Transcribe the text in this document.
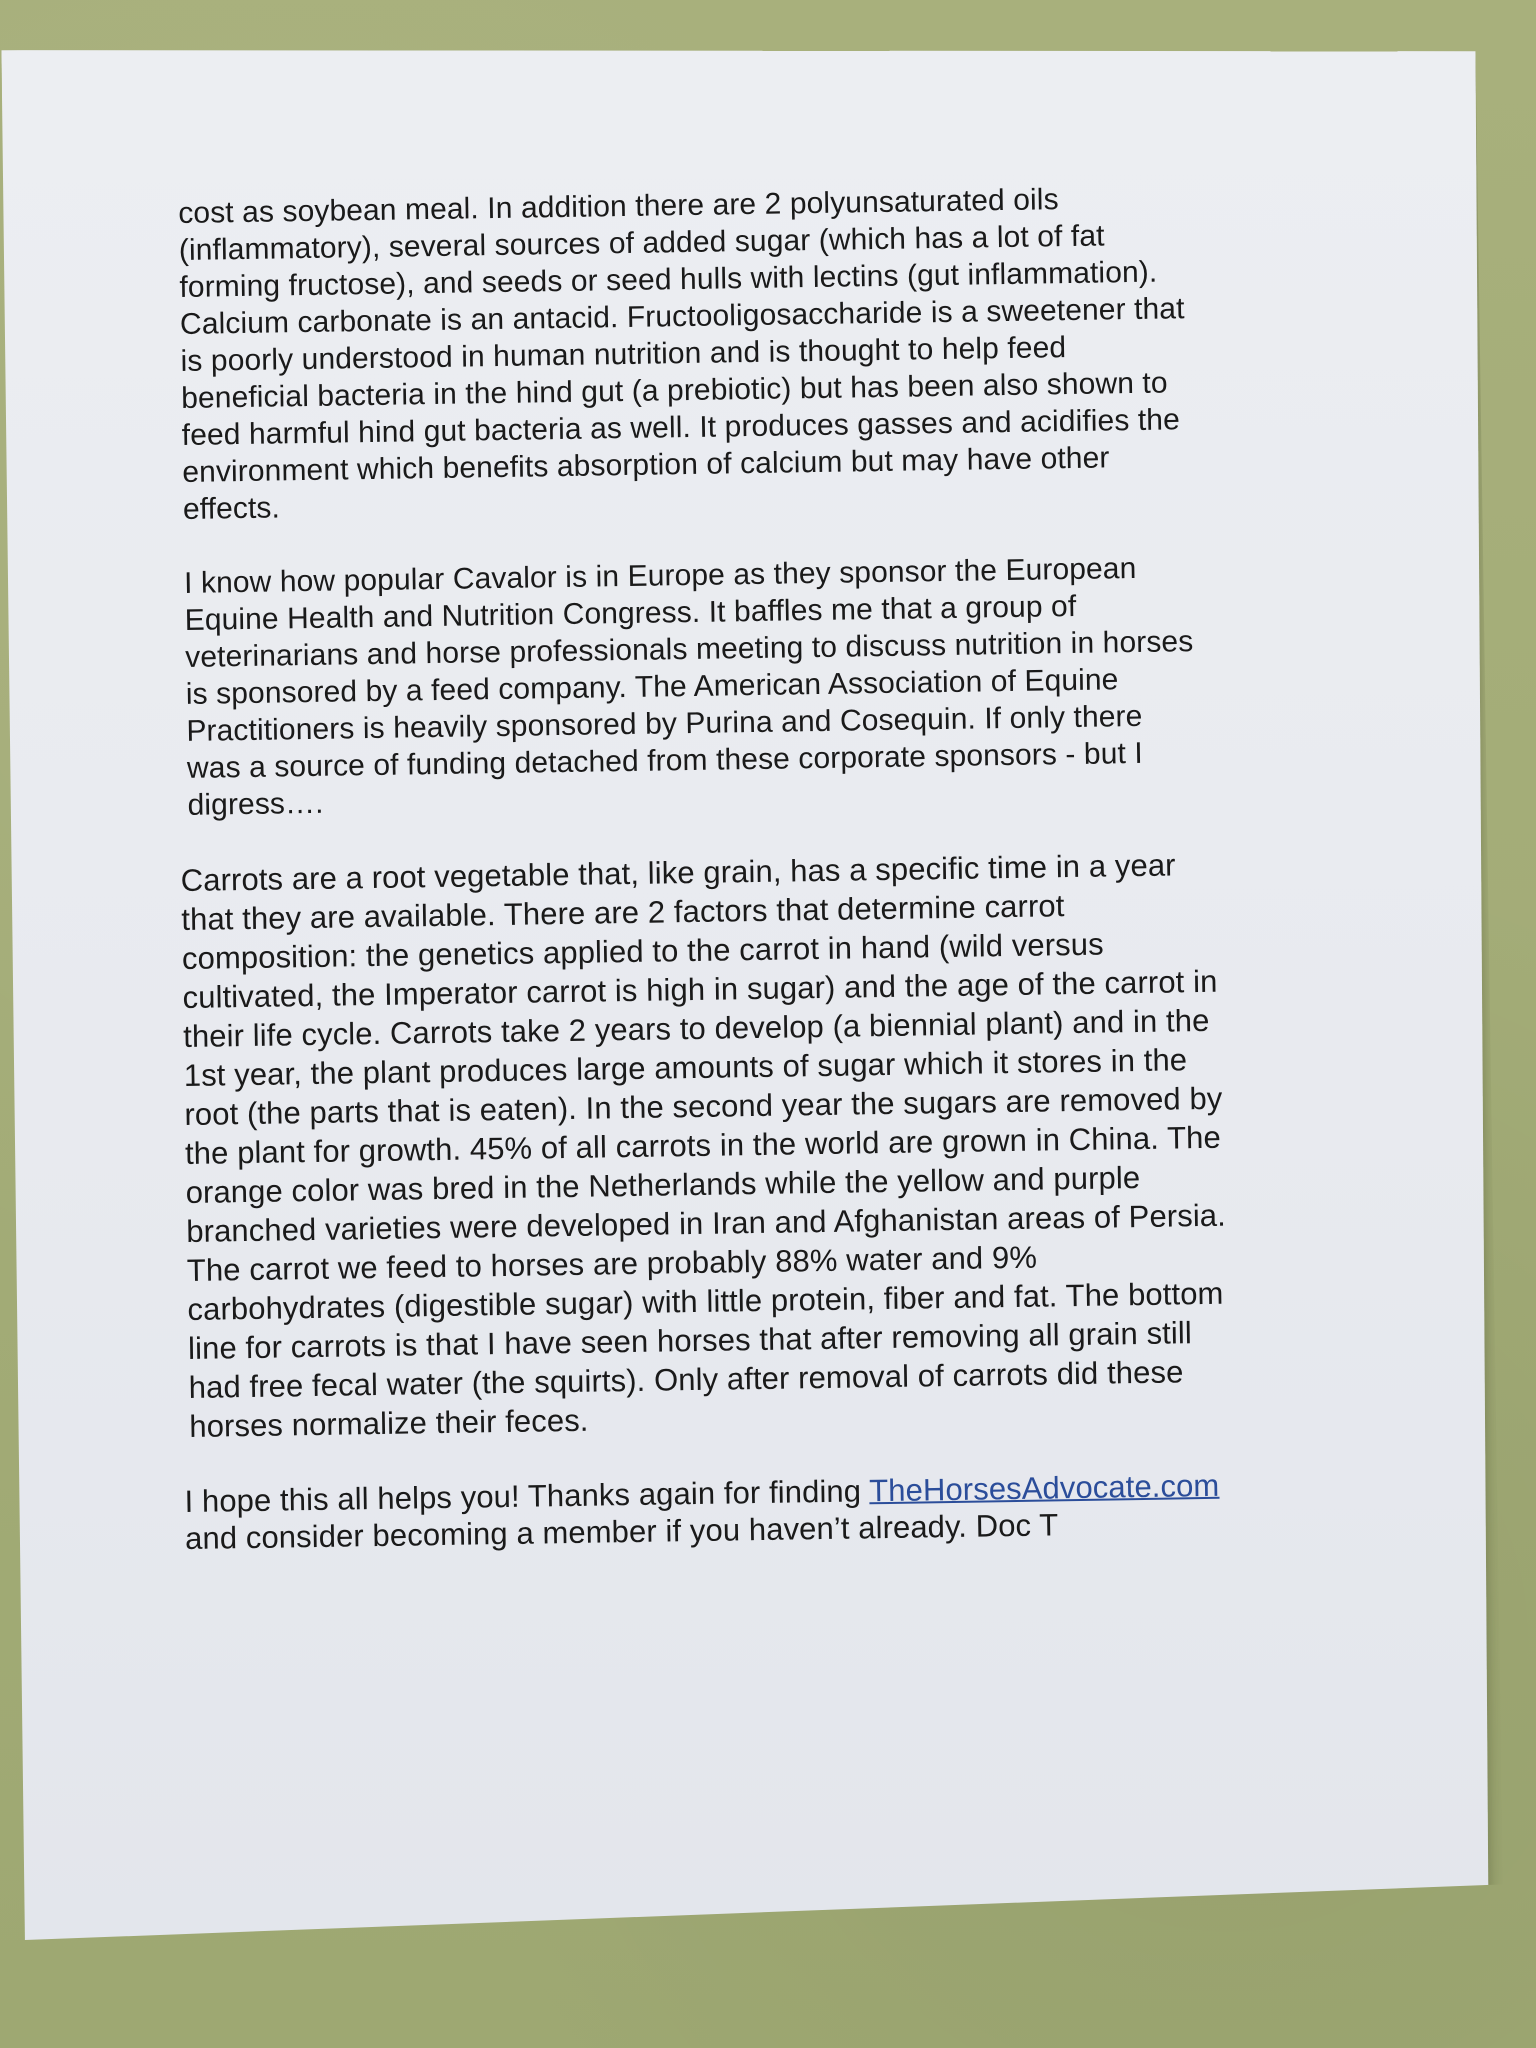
cost as soybean meal. In addition there are 2 polyunsaturated oils
(inflammatory), several sources of added sugar (which has a lot of fat
forming fructose), and seeds or seed hulls with lectins (gut inflammation).
Calcium carbonate is an antacid. Fructooligosaccharide is a sweetener that
is poorly understood in human nutrition and is thought to help feed
beneficial bacteria in the hind gut (a prebiotic) but has been also shown to
feed harmful hind gut bacteria as well. It produces gasses and acidifies the
environment which benefits absorption of calcium but may have other
effects.

I know how popular Cavalor is in Europe as they sponsor the European
Equine Health and Nutrition Congress. It baffles me that a group of
veterinarians and horse professionals meeting to discuss nutrition in horses
is sponsored by a feed company. The American Association of Equine
Practitioners is heavily sponsored by Purina and Cosequin. If only there
was a source of funding detached from these corporate sponsors - but I
digress….

Carrots are a root vegetable that, like grain, has a specific time in a year
that they are available. There are 2 factors that determine carrot
composition: the genetics applied to the carrot in hand (wild versus
cultivated, the Imperator carrot is high in sugar) and the age of the carrot in
their life cycle. Carrots take 2 years to develop (a biennial plant) and in the
1st year, the plant produces large amounts of sugar which it stores in the
root (the parts that is eaten). In the second year the sugars are removed by
the plant for growth. 45% of all carrots in the world are grown in China. The
orange color was bred in the Netherlands while the yellow and purple
branched varieties were developed in Iran and Afghanistan areas of Persia.
The carrot we feed to horses are probably 88% water and 9%
carbohydrates (digestible sugar) with little protein, fiber and fat. The bottom
line for carrots is that I have seen horses that after removing all grain still
had free fecal water (the squirts). Only after removal of carrots did these
horses normalize their feces.

I hope this all helps you! Thanks again for finding TheHorsesAdvocate.com
and consider becoming a member if you haven’t already. Doc T
